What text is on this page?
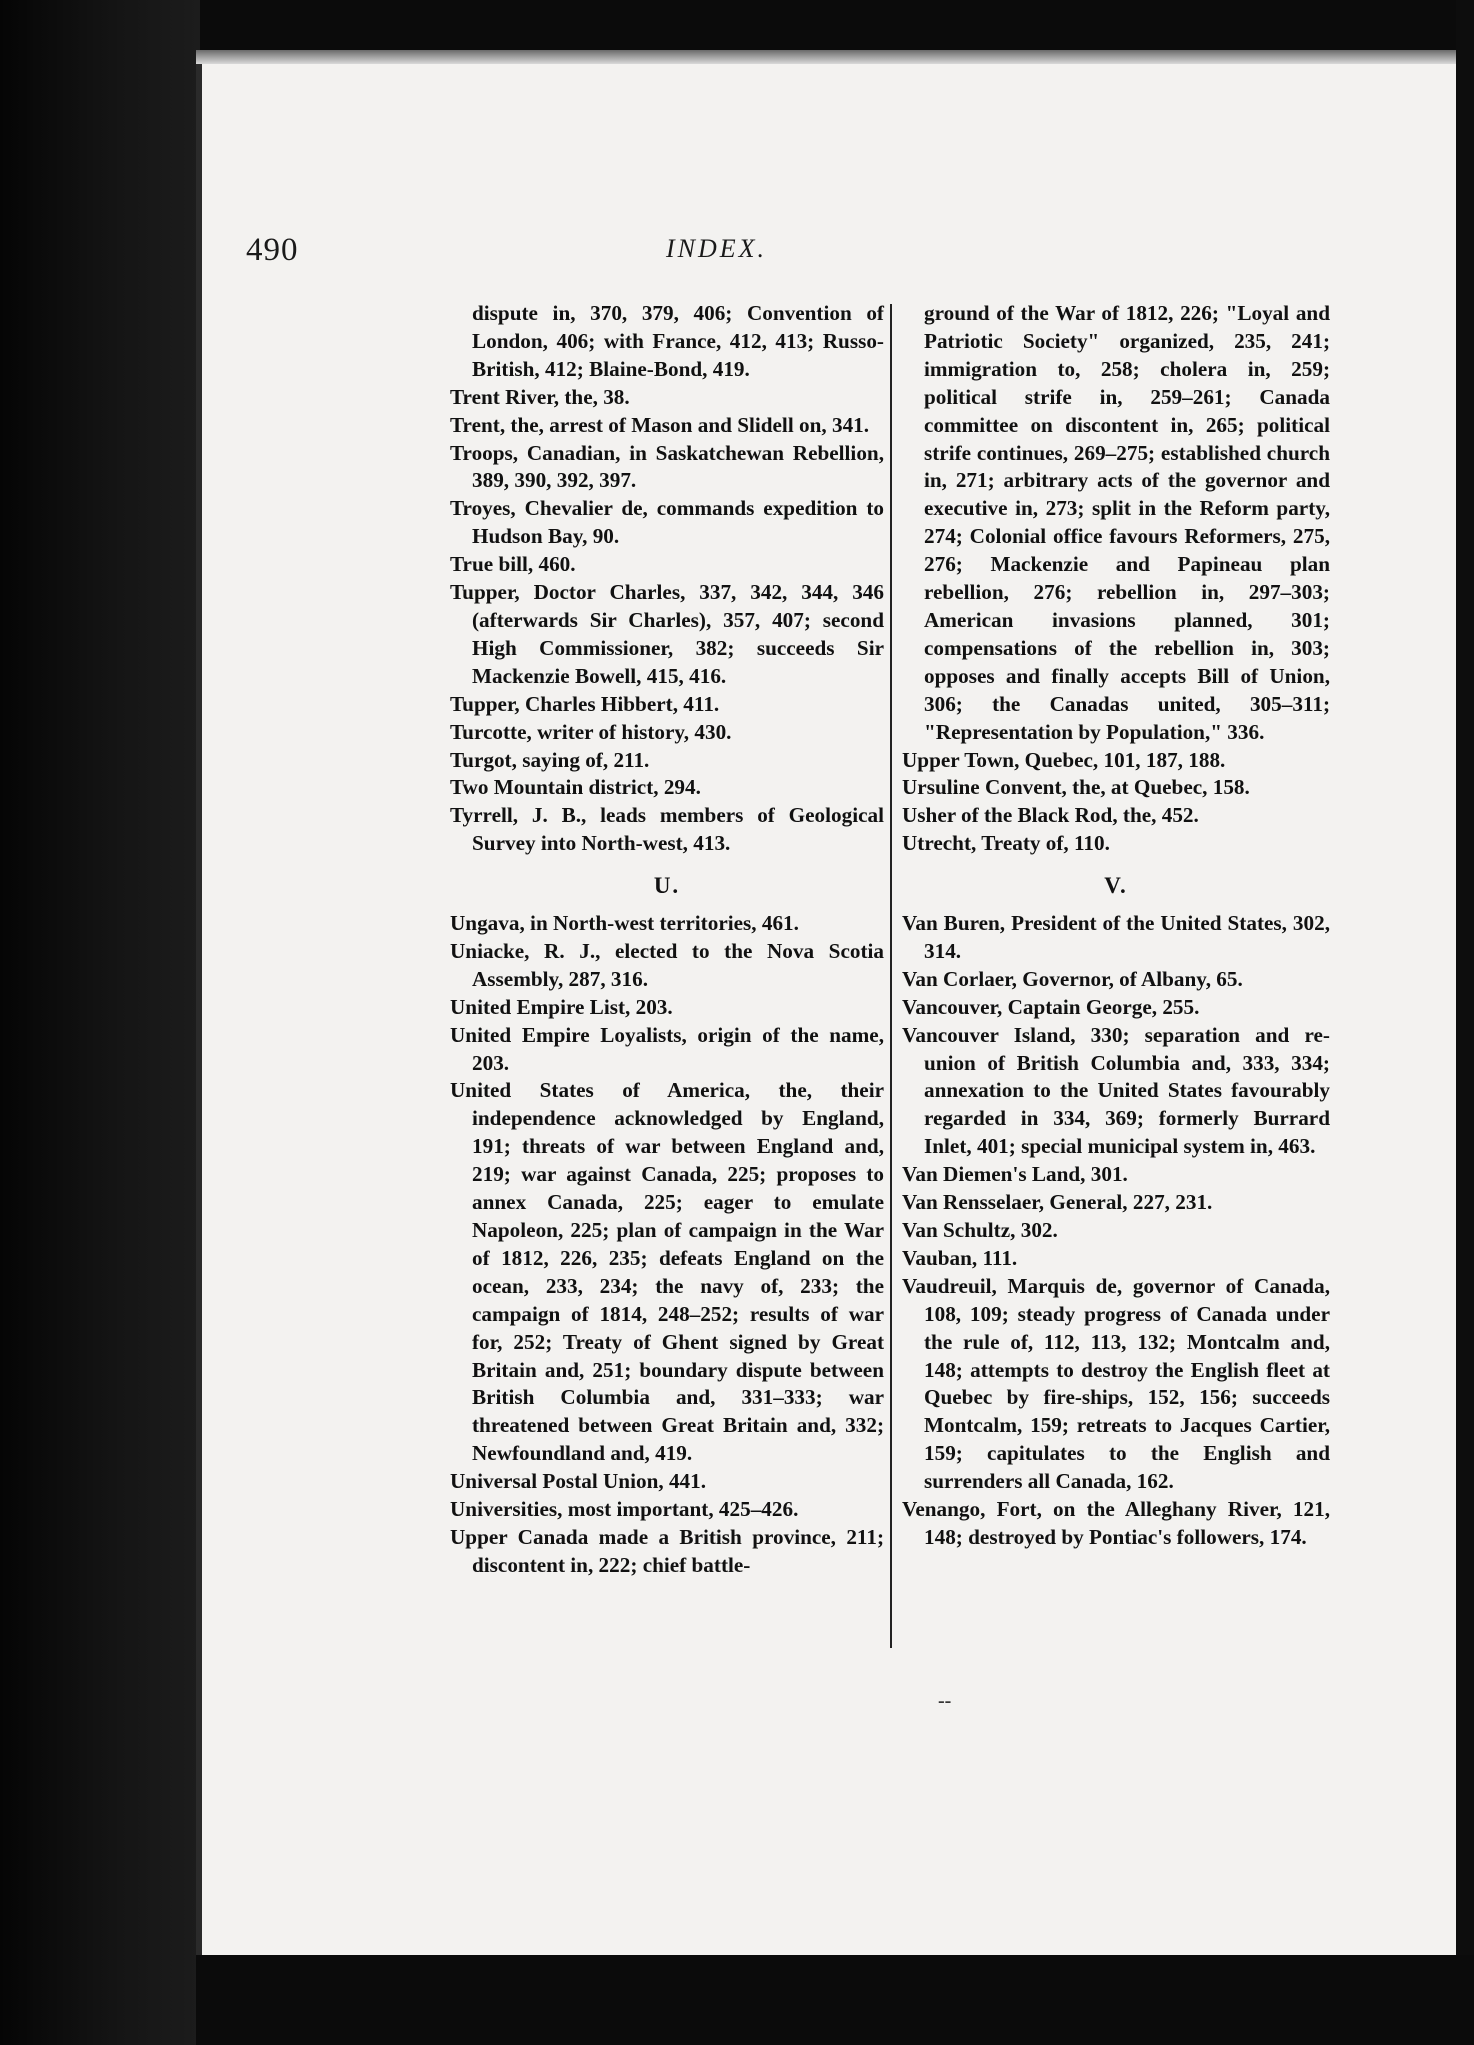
490	INDEX.

dispute in, 370, 379, 406; Convention of London, 406; with France, 412, 413; Russo-British, 412; Blaine-Bond, 419.

Trent River, the, 38.

Trent, the, arrest of Mason and Slidell on, 341.

Troops, Canadian, in Saskatchewan Rebellion, 389, 390, 392, 397.

Troyes, Chevalier de, commands expedition to Hudson Bay, 90.

True bill, 460.

Tupper, Doctor Charles, 337, 342, 344, 346 (afterwards Sir Charles), 357, 407; second High Commissioner, 382; succeeds Sir Mackenzie Bowell, 415, 416.

Tupper, Charles Hibbert, 411.

Turcotte, writer of history, 430.

Turgot, saying of, 211.

Two Mountain district, 294.

Tyrrell, J. B., leads members of Geological Survey into North-west, 413.

U.

Ungava, in North-west territories, 461.

Uniacke, R. J., elected to the Nova Scotia Assembly, 287, 316.

United Empire List, 203.

United Empire Loyalists, origin of the name, 203.

United States of America, the, their independence acknowledged by England, 191; threats of war between England and, 219; war against Canada, 225; proposes to annex Canada, 225; eager to emulate Napoleon, 225; plan of campaign in the War of 1812, 226, 235; defeats England on the ocean, 233, 234; the navy of, 233; the campaign of 1814, 248–252; results of war for, 252; Treaty of Ghent signed by Great Britain and, 251; boundary dispute between British Columbia and, 331–333; war threatened between Great Britain and, 332; Newfoundland and, 419.

Universal Postal Union, 441.

Universities, most important, 425–426.

Upper Canada made a British province, 211; discontent in, 222; chief battle-

ground of the War of 1812, 226; "Loyal and Patriotic Society" organized, 235, 241; immigration to, 258; cholera in, 259; political strife in, 259–261; Canada committee on discontent in, 265; political strife continues, 269–275; established church in, 271; arbitrary acts of the governor and executive in, 273; split in the Reform party, 274; Colonial office favours Reformers, 275, 276; Mackenzie and Papineau plan rebellion, 276; rebellion in, 297–303; American invasions planned, 301; compensations of the rebellion in, 303; opposes and finally accepts Bill of Union, 306; the Canadas united, 305–311; "Representation by Population," 336.

Upper Town, Quebec, 101, 187, 188.

Ursuline Convent, the, at Quebec, 158.

Usher of the Black Rod, the, 452.

Utrecht, Treaty of, 110.

V.

Van Buren, President of the United States, 302, 314.

Van Corlaer, Governor, of Albany, 65.

Vancouver, Captain George, 255.

Vancouver Island, 330; separation and re-union of British Columbia and, 333, 334; annexation to the United States favourably regarded in 334, 369; formerly Burrard Inlet, 401; special municipal system in, 463.

Van Diemen's Land, 301.

Van Rensselaer, General, 227, 231.

Van Schultz, 302.

Vauban, 111.

Vaudreuil, Marquis de, governor of Canada, 108, 109; steady progress of Canada under the rule of, 112, 113, 132; Montcalm and, 148; attempts to destroy the English fleet at Quebec by fire-ships, 152, 156; succeeds Montcalm, 159; retreats to Jacques Cartier, 159; capitulates to the English and surrenders all Canada, 162.

Venango, Fort, on the Alleghany River, 121, 148; destroyed by Pontiac's followers, 174.

--
